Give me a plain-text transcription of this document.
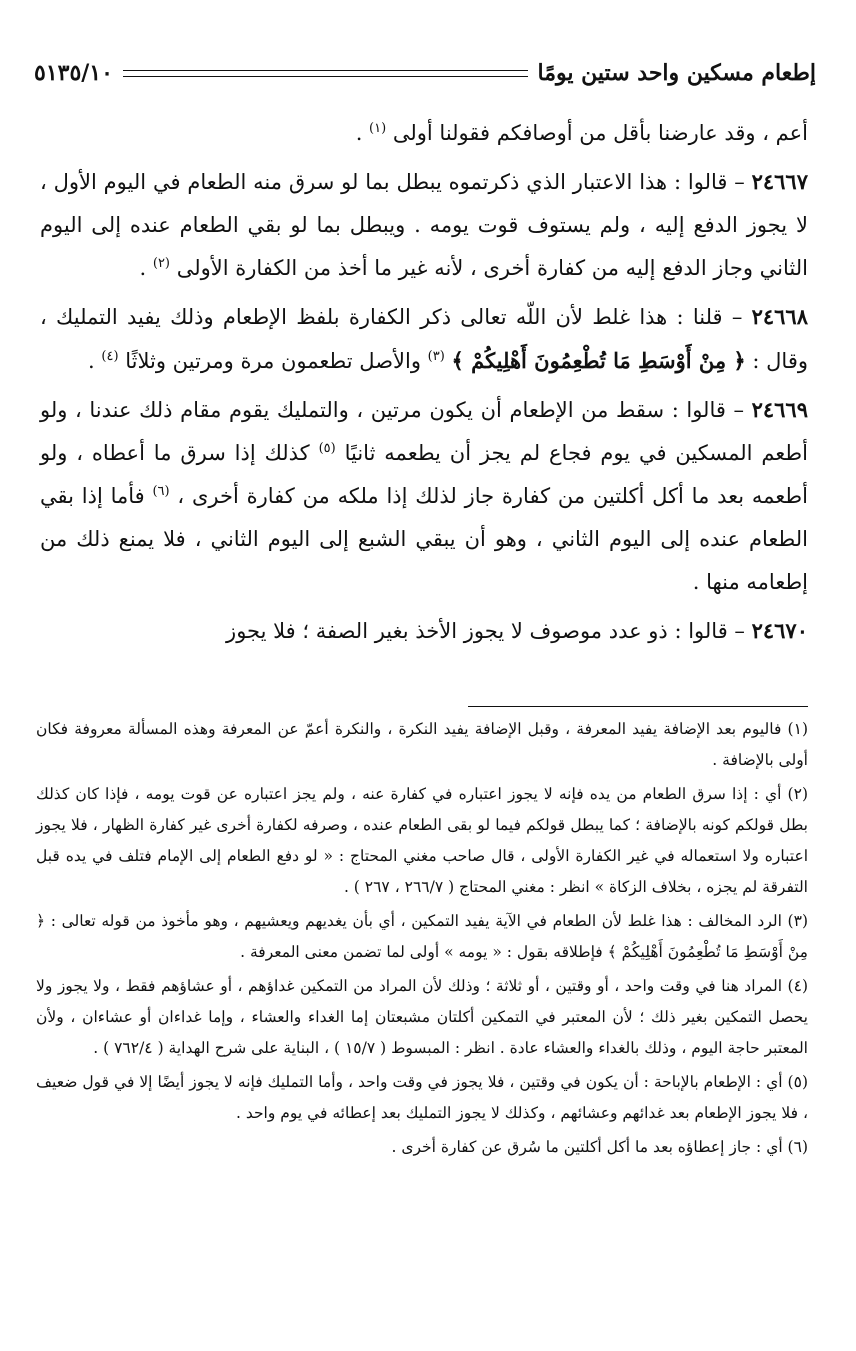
إطعام مسكين واحد ستين يومًا
٥١٣٥/١٠

أعم ، وقد عارضنا بأقل من أوصافكم فقولنا أولى $^{(١)}$ .

٢٤٦٦٧ – قالوا : هذا الاعتبار الذي ذكرتموه يبطل بما لو سرق منه الطعام في اليوم الأول ، لا يجوز الدفع إليه ، ولم يستوف قوت يومه . ويبطل بما لو بقي الطعام عنده إلى اليوم الثاني وجاز الدفع إليه من كفارة أخرى ، لأنه غير ما أخذ من الكفارة الأولى $^{(٢)}$ .

٢٤٦٦٨ – قلنا : هذا غلط لأن اللّه تعالى ذكر الكفارة بلفظ الإطعام وذلك يفيد التمليك ، وقال : ﴿ مِنْ أَوْسَطِ مَا تُطْعِمُونَ أَهْلِيكُمْ ﴾ $^{(٣)}$ والأصل تطعمون مرة ومرتين وثلاثًا $^{(٤)}$ .

٢٤٦٦٩ – قالوا : سقط من الإطعام أن يكون مرتين ، والتمليك يقوم مقام ذلك عندنا ، ولو أطعم المسكين في يوم فجاع لم يجز أن يطعمه ثانيًا $^{(٥)}$ كذلك إذا سرق ما أعطاه ، ولو أطعمه بعد ما أكل أكلتين من كفارة جاز لذلك إذا ملكه من كفارة أخرى ، $^{(٦)}$ فأما إذا بقي الطعام عنده إلى اليوم الثاني ، وهو أن يبقي الشبع إلى اليوم الثاني ، فلا يمنع ذلك من إطعامه منها .

٢٤٦٧٠ – قالوا : ذو عدد موصوف لا يجوز الأخذ بغير الصفة ؛ فلا يجوز

(١) فاليوم بعد الإضافة يفيد المعرفة ، وقبل الإضافة يفيد النكرة ، والنكرة أعمّ عن المعرفة وهذه المسألة معروفة فكان أولى بالإضافة .

(٢) أي : إذا سرق الطعام من يده فإنه لا يجوز اعتباره في كفارة عنه ، ولم يجز اعتباره عن قوت يومه ، فإذا كان كذلك بطل قولكم كونه بالإضافة ؛ كما يبطل قولكم فيما لو بقى الطعام عنده ، وصرفه لكفارة أخرى غير كفارة الظهار ، فلا يجوز اعتباره ولا استعماله في غير الكفارة الأولى ، قال صاحب مغني المحتاج : « لو دفع الطعام إلى الإمام فتلف في يده قبل التفرقة لم يجزه ، بخلاف الزكاة » انظر : مغني المحتاج ( ٢٦٦/٧ ، ٢٦٧ ) .

(٣) الرد المخالف : هذا غلط لأن الطعام في الآية يفيد التمكين ، أي بأن يغديهم ويعشيهم ، وهو مأخوذ من قوله تعالى : ﴿ مِنْ أَوْسَطِ مَا تُطْعِمُونَ أَهْلِيكُمْ ﴾ فإطلاقه بقول : « يومه » أولى لما تضمن معنى المعرفة .

(٤) المراد هنا في وقت واحد ، أو وقتين ، أو ثلاثة ؛ وذلك لأن المراد من التمكين غداؤهم ، أو عشاؤهم فقط ، ولا يجوز ولا يحصل التمكين بغير ذلك ؛ لأن المعتبر في التمكين أكلتان مشبعتان إما الغداء والعشاء ، وإما غداءان أو عشاءان ، ولأن المعتبر حاجة اليوم ، وذلك بالغداء والعشاء عادة . انظر : المبسوط ( ١٥/٧ ) ، البناية على شرح الهداية ( ٧٦٢/٤ ) .

(٥) أي : الإطعام بالإباحة : أن يكون في وقتين ، فلا يجوز في وقت واحد ، وأما التمليك فإنه لا يجوز أيضًا إلا في قول ضعيف ، فلا يجوز الإطعام بعد غدائهم وعشائهم ، وكذلك لا يجوز التمليك بعد إعطائه في يوم واحد .

(٦) أي : جاز إعطاؤه بعد ما أكل أكلتين ما سُرق عن كفارة أخرى .
